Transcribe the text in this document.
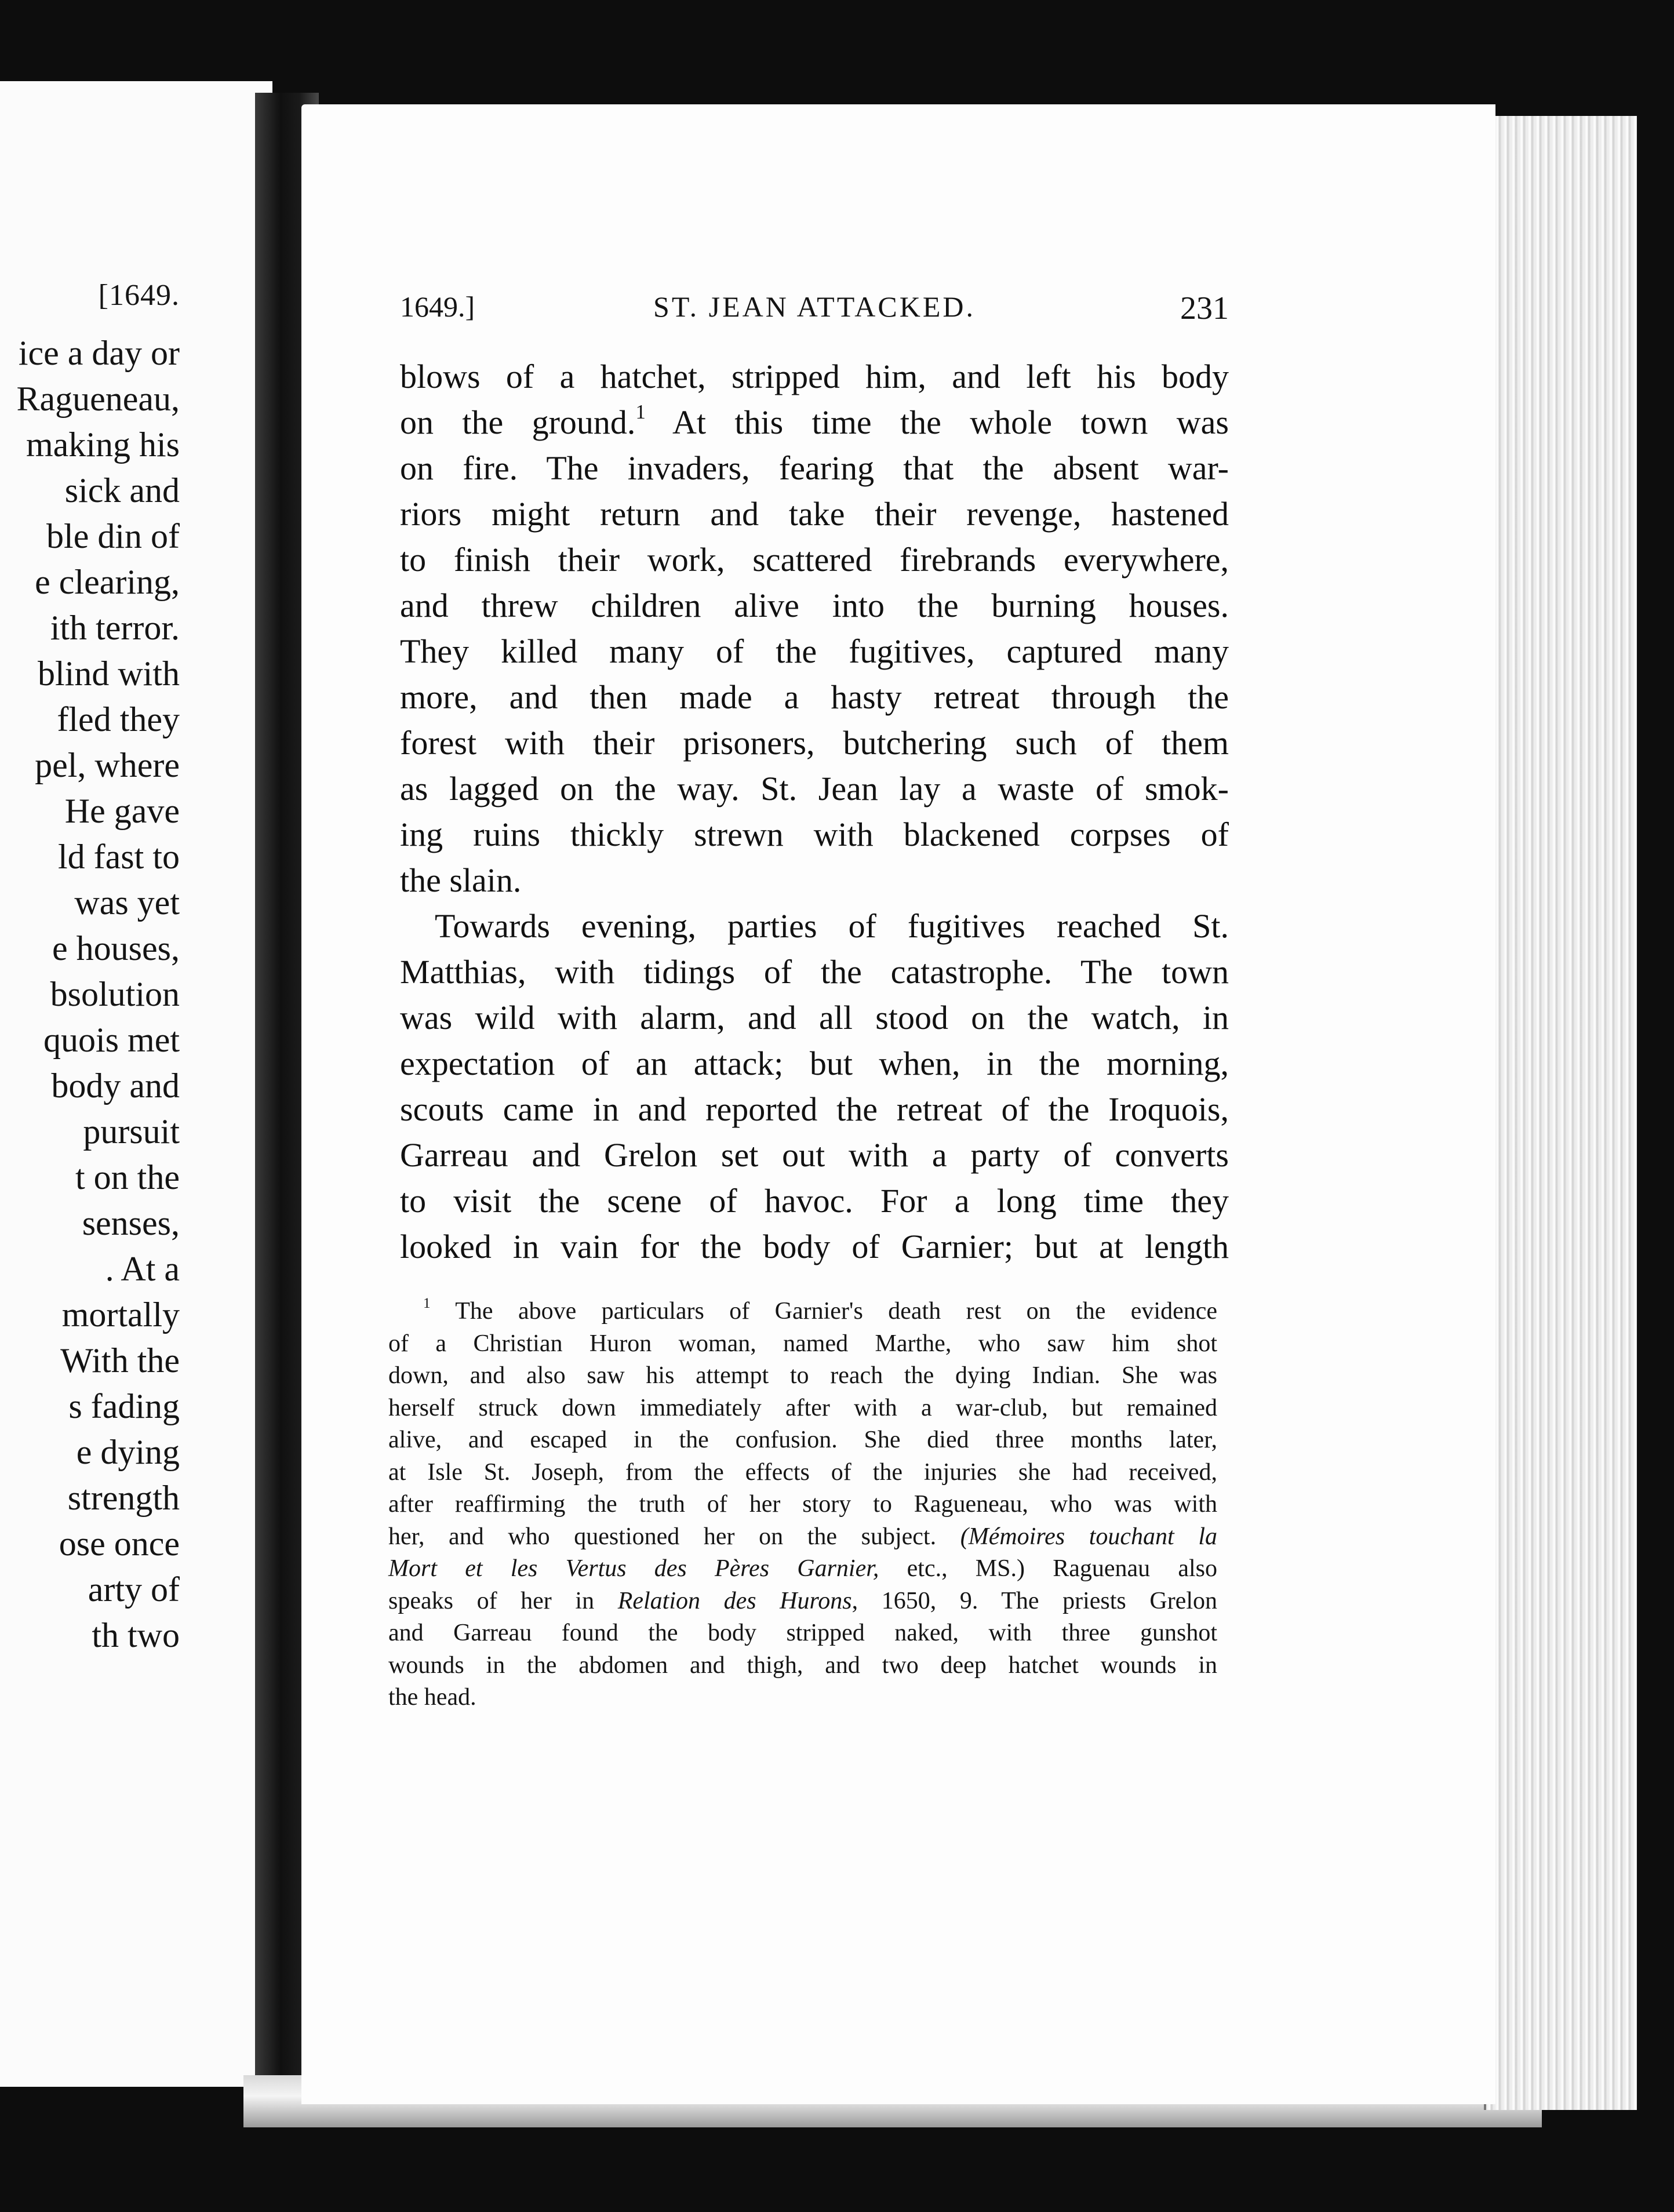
[1649.
ice a day or
Ragueneau,
making his
sick and
ble din of
e clearing,
ith terror.
blind with
fled they
pel, where
He gave
ld fast to
was yet
e houses,
bsolution
quois met
body and
pursuit
t on the
senses,
. At a
mortally
With the
s fading
e dying
strength
ose once
arty of
th two
1649.]	ST. JEAN ATTACKED.	231
blows of a hatchet, stripped him, and left his body
on the ground.$^1$ At this time the whole town was
on fire. The invaders, fearing that the absent war-
riors might return and take their revenge, hastened
to finish their work, scattered firebrands everywhere,
and threw children alive into the burning houses.
They killed many of the fugitives, captured many
more, and then made a hasty retreat through the
forest with their prisoners, butchering such of them
as lagged on the way. St. Jean lay a waste of smok-
ing ruins thickly strewn with blackened corpses of
the slain.
Towards evening, parties of fugitives reached St.
Matthias, with tidings of the catastrophe. The town
was wild with alarm, and all stood on the watch, in
expectation of an attack; but when, in the morning,
scouts came in and reported the retreat of the Iroquois,
Garreau and Grelon set out with a party of converts
to visit the scene of havoc. For a long time they
looked in vain for the body of Garnier; but at length
$^1$ The above particulars of Garnier's death rest on the evidence
of a Christian Huron woman, named Marthe, who saw him shot
down, and also saw his attempt to reach the dying Indian. She was
herself struck down immediately after with a war-club, but remained
alive, and escaped in the confusion. She died three months later,
at Isle St. Joseph, from the effects of the injuries she had received,
after reaffirming the truth of her story to Ragueneau, who was with
her, and who questioned her on the subject. (Mémoires touchant la
Mort et les Vertus des Pères Garnier, etc., MS.) Raguenau also
speaks of her in Relation des Hurons, 1650, 9. The priests Grelon
and Garreau found the body stripped naked, with three gunshot
wounds in the abdomen and thigh, and two deep hatchet wounds in
the head.
